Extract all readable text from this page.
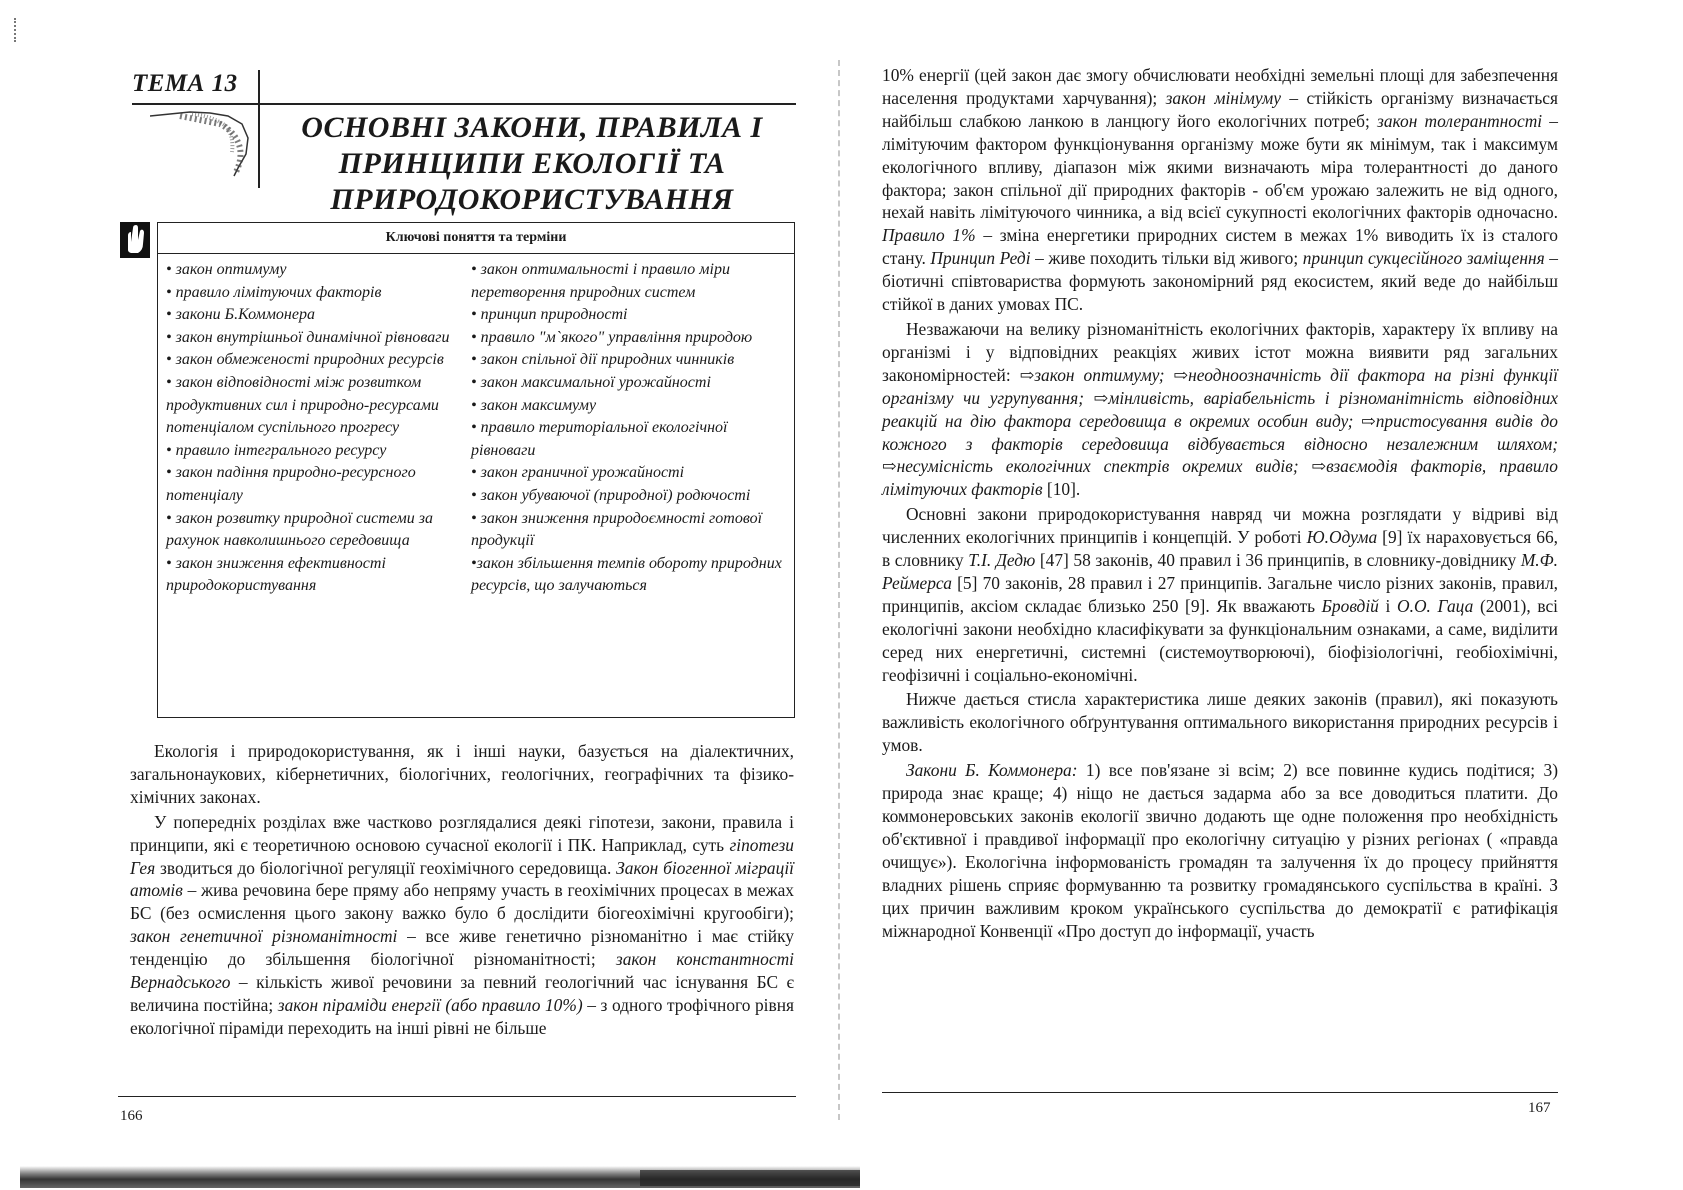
ТЕМА 13
ОСНОВНІ ЗАКОНИ, ПРАВИЛА І ПРИНЦИПИ ЕКОЛОГІЇ ТА ПРИРОДОКОРИСТУВАННЯ
Ключові поняття та терміни
• закон оптимуму
• правило лімітуючих факторів
• закони Б.Коммонера
• закон внутрішньої динамічної рівноваги
• закон обмеженості природних ресурсів
• закон відповідності між розвитком продуктивних сил і природно-ресурсами потенціалом суспільного прогресу
• правило інтегрального ресурсу
• закон падіння природно-ресурсного потенціалу
• закон розвитку природної системи за рахунок навколишнього середовища
• закон зниження ефективності природокористування
• закон оптимальності і правило міри перетворення природних систем
• принцип природності
• правило "м`якого" управління природою
• закон спільної дії природних чинників
• закон максимальної урожайності
• закон максимуму
• правило територіальної екологічної рівноваги
• закон граничної урожайності
• закон убуваючої (природної) родючості
• закон зниження природоємності готової продукції
•закон збільшення темпів обороту природних ресурсів, що залучаються
Екологія і природокористування, як і інші науки, базується на діалектичних, загальнонаукових, кібернетичних, біологічних, геологічних, географічних та фізико-хімічних законах.
У попередніх розділах вже частково розглядалися деякі гіпотези, закони, правила і принципи, які є теоретичною основою сучасної екології і ПК. Наприклад, суть гіпотези Гея зводиться до біологічної регуляції геохімічного середовища. Закон біогенної міграції атомів – жива речовина бере пряму або непряму участь в геохімічних процесах в межах БС (без осмислення цього закону важко було б дослідити біогеохімічні кругообіги); закон генетичної різноманітності – все живе генетично різноманітно і має стійку тенденцію до збільшення біологічної різноманітності; закон константності Вернадського – кількість живої речовини за певний геологічний час існування БС є величина постійна; закон піраміди енергії (або правило 10%) – з одного трофічного рівня екологічної піраміди переходить на інші рівні не більше
166
10% енергії (цей закон дає змогу обчислювати необхідні земельні площі для забезпечення населення продуктами харчування); закон мінімуму – стійкість організму визначається найбільш слабкою ланкою в ланцюгу його екологічних потреб; закон толерантності – лімітуючим фактором функціонування організму може бути як мінімум, так і максимум екологічного впливу, діапазон між якими визначають міра толерантності до даного фактора; закон спільної дії природних факторів - об'єм урожаю залежить не від одного, нехай навіть лімітуючого чинника, а від всієї сукупності екологічних факторів одночасно. Правило 1% – зміна енергетики природних систем в межах 1% виводить їх із сталого стану. Принцип Реді – живе походить тільки від живого; принцип сукцесійного заміщення – біотичні співтовариства формують закономірний ряд екосистем, який веде до найбільш стійкої в даних умовах ПС.
Незважаючи на велику різноманітність екологічних факторів, характеру їх впливу на організмі і у відповідних реакціях живих істот можна виявити ряд загальних закономірностей: ⇨закон оптимуму; ⇨неодноозначність дії фактора на різні функції організму чи угрупування; ⇨мінливість, варіабельність і різноманітність відповідних реакцій на дію фактора середовища в окремих особин виду; ⇨пристосування видів до кожного з факторів середовища відбувається відносно незалежним шляхом; ⇨несумісність екологічних спектрів окремих видів; ⇨взаємодія факторів, правило лімітуючих факторів [10].
Основні закони природокористування навряд чи можна розглядати у відриві від численних екологічних принципів і концепцій. У роботі Ю.Одума [9] їх нараховується 66, в словнику Т.І. Дедю [47] 58 законів, 40 правил і 36 принципів, в словнику-довіднику М.Ф. Реймерса [5] 70 законів, 28 правил і 27 принципів. Загальне число різних законів, правил, принципів, аксіом складає близько 250 [9]. Як вважають Бровдій і О.О. Гаца (2001), всі екологічні закони необхідно класифікувати за функціональним ознаками, а саме, виділити серед них енергетичні, системні (системоутворюючі), біофізіологічні, геобіохімічні, геофізичні і соціально-економічні.
Нижче дається стисла характеристика лише деяких законів (правил), які показують важливість екологічного обґрунтування оптимального використання природних ресурсів і умов.
Закони Б. Коммонера: 1) все пов'язане зі всім; 2) все повинне кудись подітися; 3) природа знає краще; 4) ніщо не дається задарма або за все доводиться платити. До коммонеровських законів екології звично додають ще одне положення про необхідність об'єктивної і правдивої інформації про екологічну ситуацію у різних регіонах ( «правда очищує»). Екологічна інформованість громадян та залучення їх до процесу прийняття владних рішень сприяє формуванню та розвитку громадянського суспільства в країні. З цих причин важливим кроком українського суспільства до демократії є ратифікація міжнародної Конвенції «Про доступ до інформації, участь
167
